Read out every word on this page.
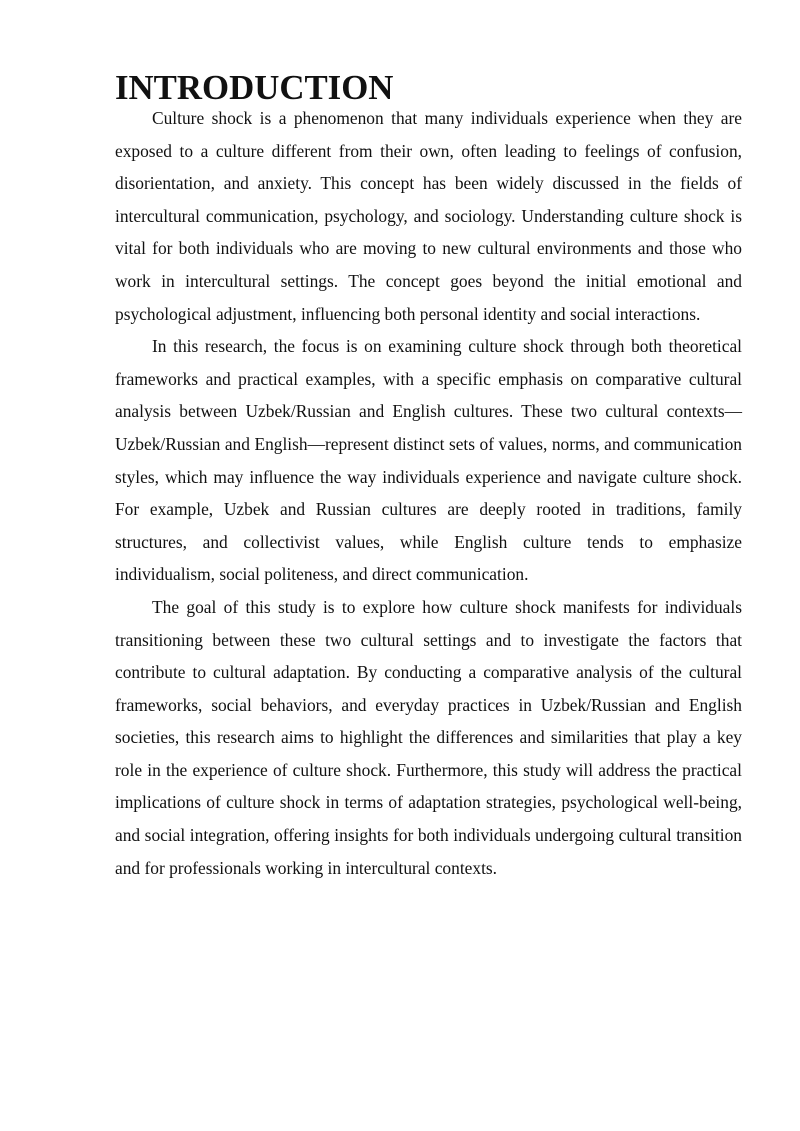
INTRODUCTION

Culture shock is a phenomenon that many individuals experience when they are exposed to a culture different from their own, often leading to feelings of confusion, disorientation, and anxiety. This concept has been widely discussed in the fields of intercultural communication, psychology, and sociology. Understanding culture shock is vital for both individuals who are moving to new cultural environments and those who work in intercultural settings. The concept goes beyond the initial emotional and psychological adjustment, influencing both personal identity and social interactions.

In this research, the focus is on examining culture shock through both theoretical frameworks and practical examples, with a specific emphasis on comparative cultural analysis between Uzbek/Russian and English cultures. These two cultural contexts—Uzbek/Russian and English—represent distinct sets of values, norms, and communication styles, which may influence the way individuals experience and navigate culture shock. For example, Uzbek and Russian cultures are deeply rooted in traditions, family structures, and collectivist values, while English culture tends to emphasize individualism, social politeness, and direct communication.

The goal of this study is to explore how culture shock manifests for individuals transitioning between these two cultural settings and to investigate the factors that contribute to cultural adaptation. By conducting a comparative analysis of the cultural frameworks, social behaviors, and everyday practices in Uzbek/Russian and English societies, this research aims to highlight the differences and similarities that play a key role in the experience of culture shock. Furthermore, this study will address the practical implications of culture shock in terms of adaptation strategies, psychological well-being, and social integration, offering insights for both individuals undergoing cultural transition and for professionals working in intercultural contexts.
